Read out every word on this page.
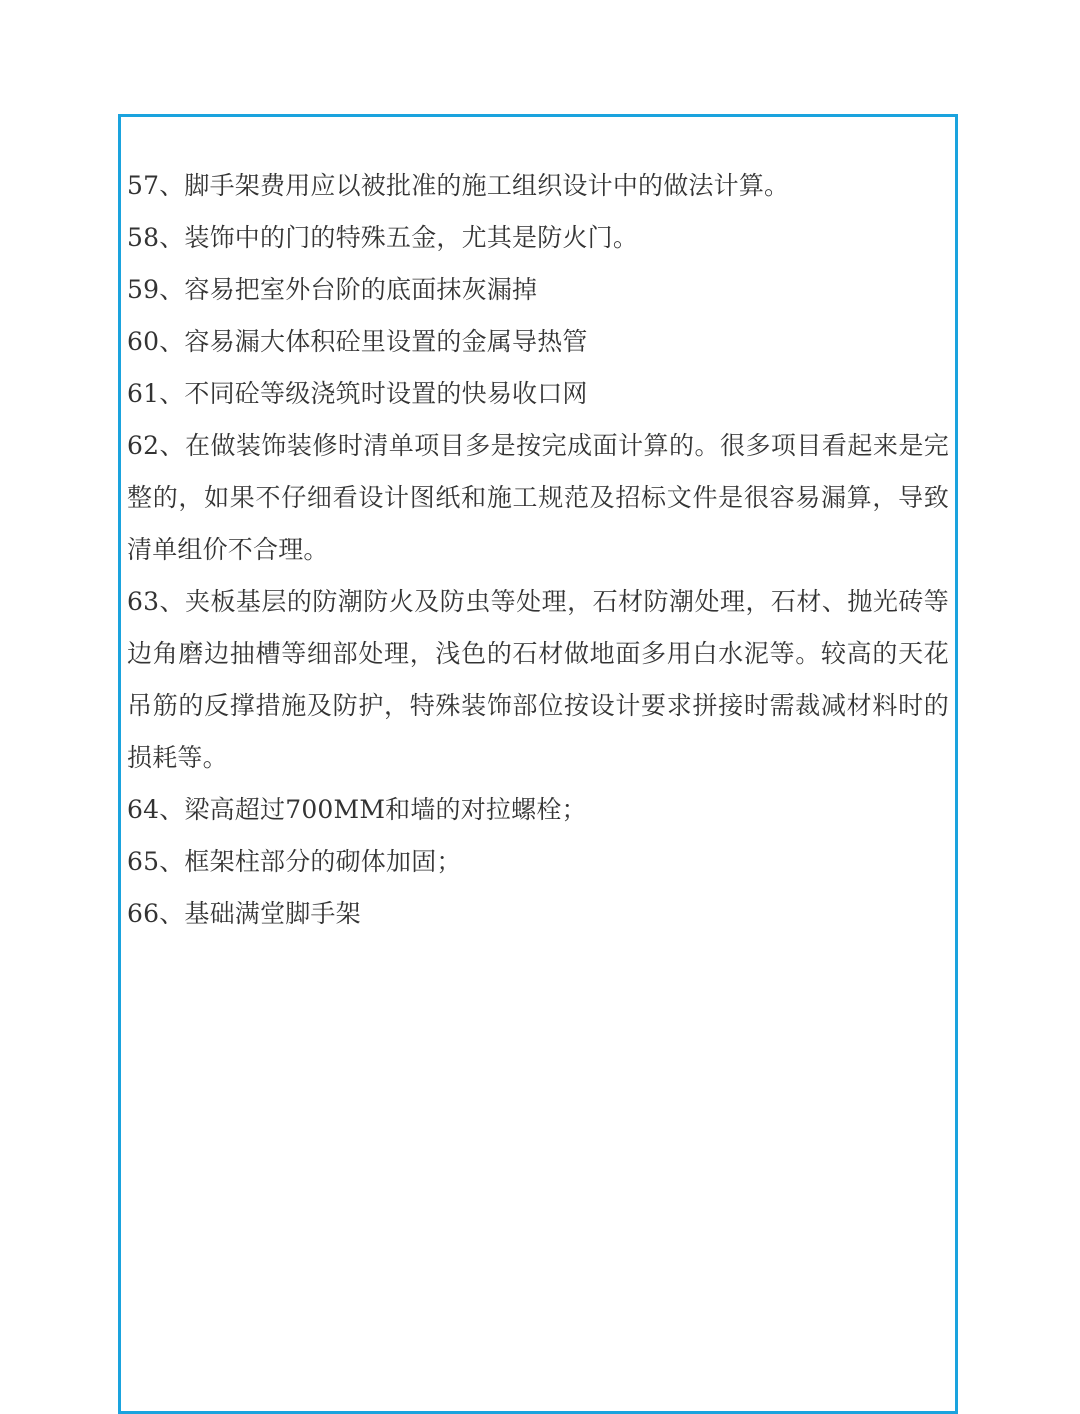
57、脚手架费用应以被批准的施工组织设计中的做法计算。

58、装饰中的门的特殊五金，尤其是防火门。

59、容易把室外台阶的底面抹灰漏掉

60、容易漏大体积砼里设置的金属导热管

61、不同砼等级浇筑时设置的快易收口网

62、在做装饰装修时清单项目多是按完成面计算的。很多项目看起来是完整的，如果不仔细看设计图纸和施工规范及招标文件是很容易漏算，导致清单组价不合理。

63、夹板基层的防潮防火及防虫等处理，石材防潮处理，石材、抛光砖等边角磨边抽槽等细部处理，浅色的石材做地面多用白水泥等。较高的天花吊筋的反撑措施及防护，特殊装饰部位按设计要求拼接时需裁减材料时的损耗等。

64、梁高超过700MM和墙的对拉螺栓；

65、框架柱部分的砌体加固；

66、基础满堂脚手架
